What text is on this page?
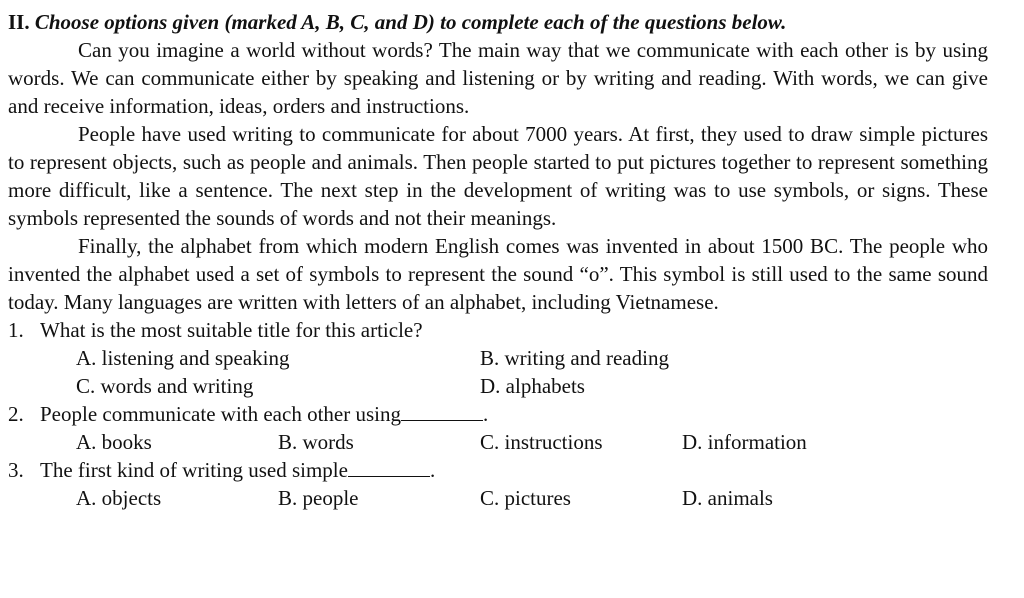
II. Choose options given (marked A, B, C, and D) to complete each of the questions below.

Can you imagine a world without words? The main way that we communicate with each other is by using words. We can communicate either by speaking and listening or by writing and reading. With words, we can give and receive information, ideas, orders and instructions.

People have used writing to communicate for about 7000 years. At first, they used to draw simple pictures to represent objects, such as people and animals. Then people started to put pictures together to represent something more difficult, like a sentence. The next step in the development of writing was to use symbols, or signs. These symbols represented the sounds of words and not their meanings.

Finally, the alphabet from which modern English comes was invented in about 1500 BC. The people who invented the alphabet used a set of symbols to represent the sound “o”. This symbol is still used to the same sound today. Many languages are written with letters of an alphabet, including Vietnamese.

1. What is the most suitable title for this article?
A. listening and speaking	B. writing and reading
C. words and writing	D. alphabets
2. People communicate with each other using	.
A. books	B. words	C. instructions	D. information
3. The first kind of writing used simple	.
A. objects	B. people	C. pictures	D. animals
